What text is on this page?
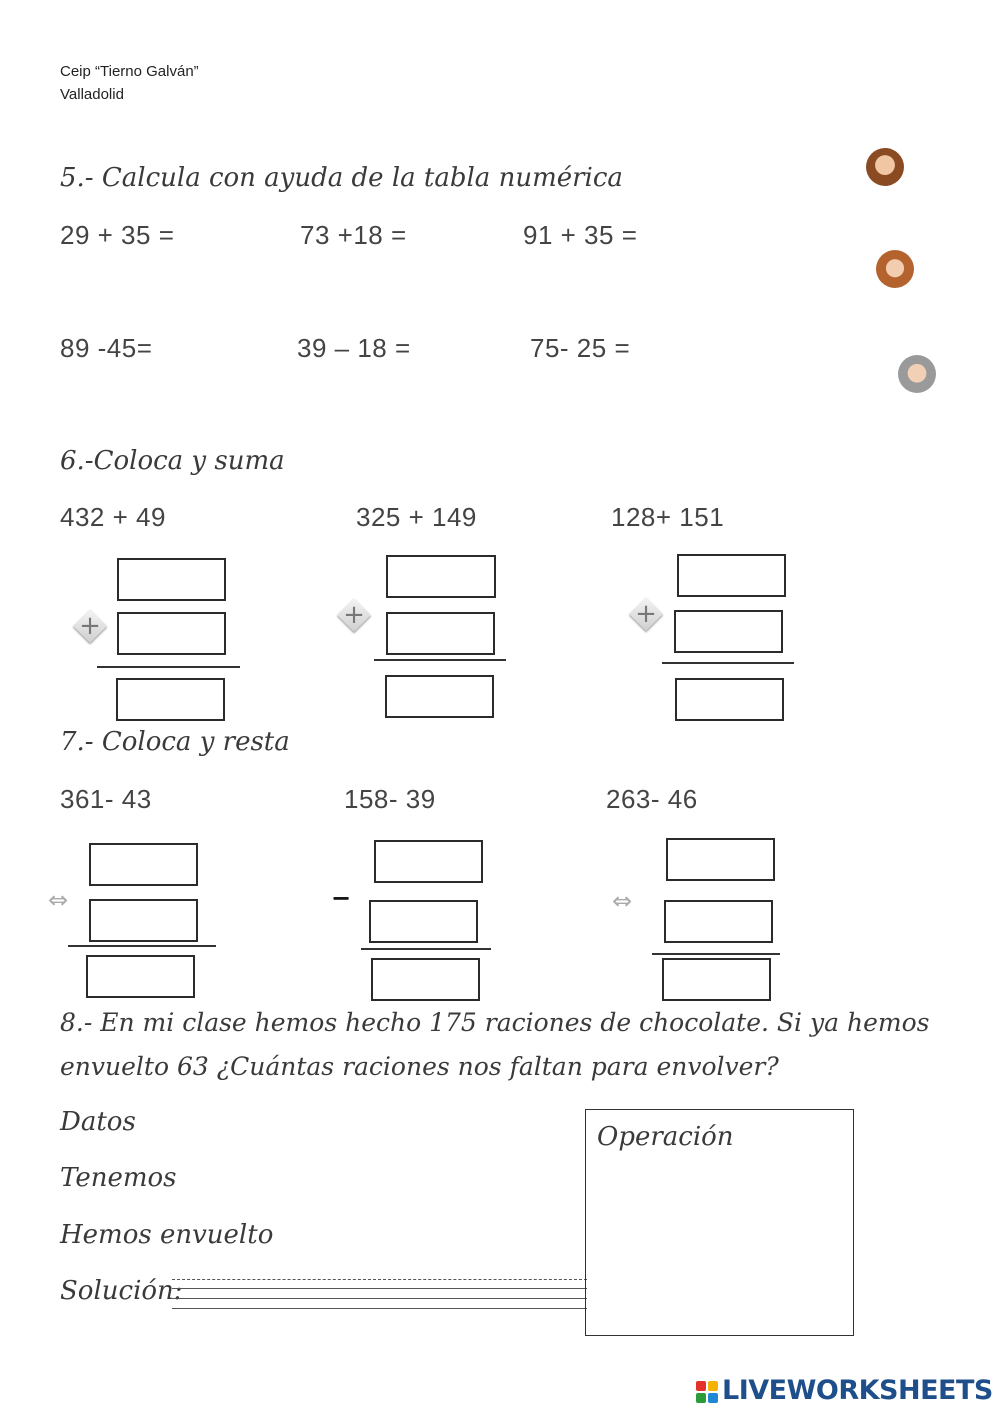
Ceip “Tierno Galván”
Valladolid
5.- Calcula con ayuda de la tabla numérica
29 + 35 =	73 +18 =	91 + 35 =
89 -45=	39 – 18 =	75- 25 =
6.-Coloca y suma
432 + 49	325 + 149	128+ 151
+	+	+
7.- Coloca y resta
361- 43	158- 39	263- 46
⇔	−	⇔
8.- En mi clase hemos hecho 175 raciones de chocolate. Si ya hemos
envuelto 63 ¿Cuántas raciones nos faltan para envolver?
Datos
Tenemos
Hemos envuelto
Solución:
Operación
LIVEWORKSHEETS
